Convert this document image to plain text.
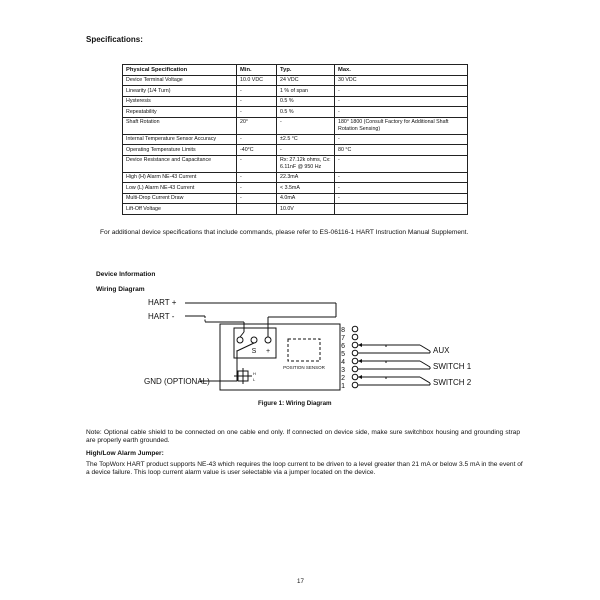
Specifications:
Physical Specification	Min.	Typ.	Max.
Device Terminal Voltage	10.0 VDC	24 VDC	30 VDC
Linearity (1/4 Turn)	-	1 % of span	-
Hysteresis	-	0.5 %	-
Repeatability	-	0.5 %	-
Shaft Rotation	20°	-	180° 1800 (Consult Factory for Additional Shaft Rotation Sensing)
Internal Temperature Sensor Accuracy	-	±2.5 °C	-
Operating Temperature Limits	-40°C	-	80 °C
Device Resistance and Capacitance	-	Rx: 27.12k ohms, Cx: 6.11nF @ 950 Hz	-
High (H) Alarm NE-43 Current	-	22.3mA	-
Low (L) Alarm NE-43 Current	-	< 3.5mA	-
Multi-Drop Current Draw	-	4.0mA	-
Lift-Off Voltage		10.0V	
For additional device specifications that include commands, please refer to ES-06116-1 HART Instruction Manual Supplement.
Device Information
Wiring Diagram
HART +
HART -
GND (OPTIONAL)
- S +
POSITION SENSOR
H
L
8
7
6
5
4
3
2
1
AUX
SWITCH 1
SWITCH 2
Figure 1: Wiring Diagram
Note: Optional cable shield to be connected on one cable end only. If connected on device side, make sure switchbox housing and grounding strap are properly earth grounded.
High/Low Alarm Jumper:
The TopWorx HART product supports NE-43 which requires the loop current to be driven to a level greater than 21 mA or below 3.5 mA in the event of a device failure. This loop current alarm value is user selectable via a jumper located on the device.
17
